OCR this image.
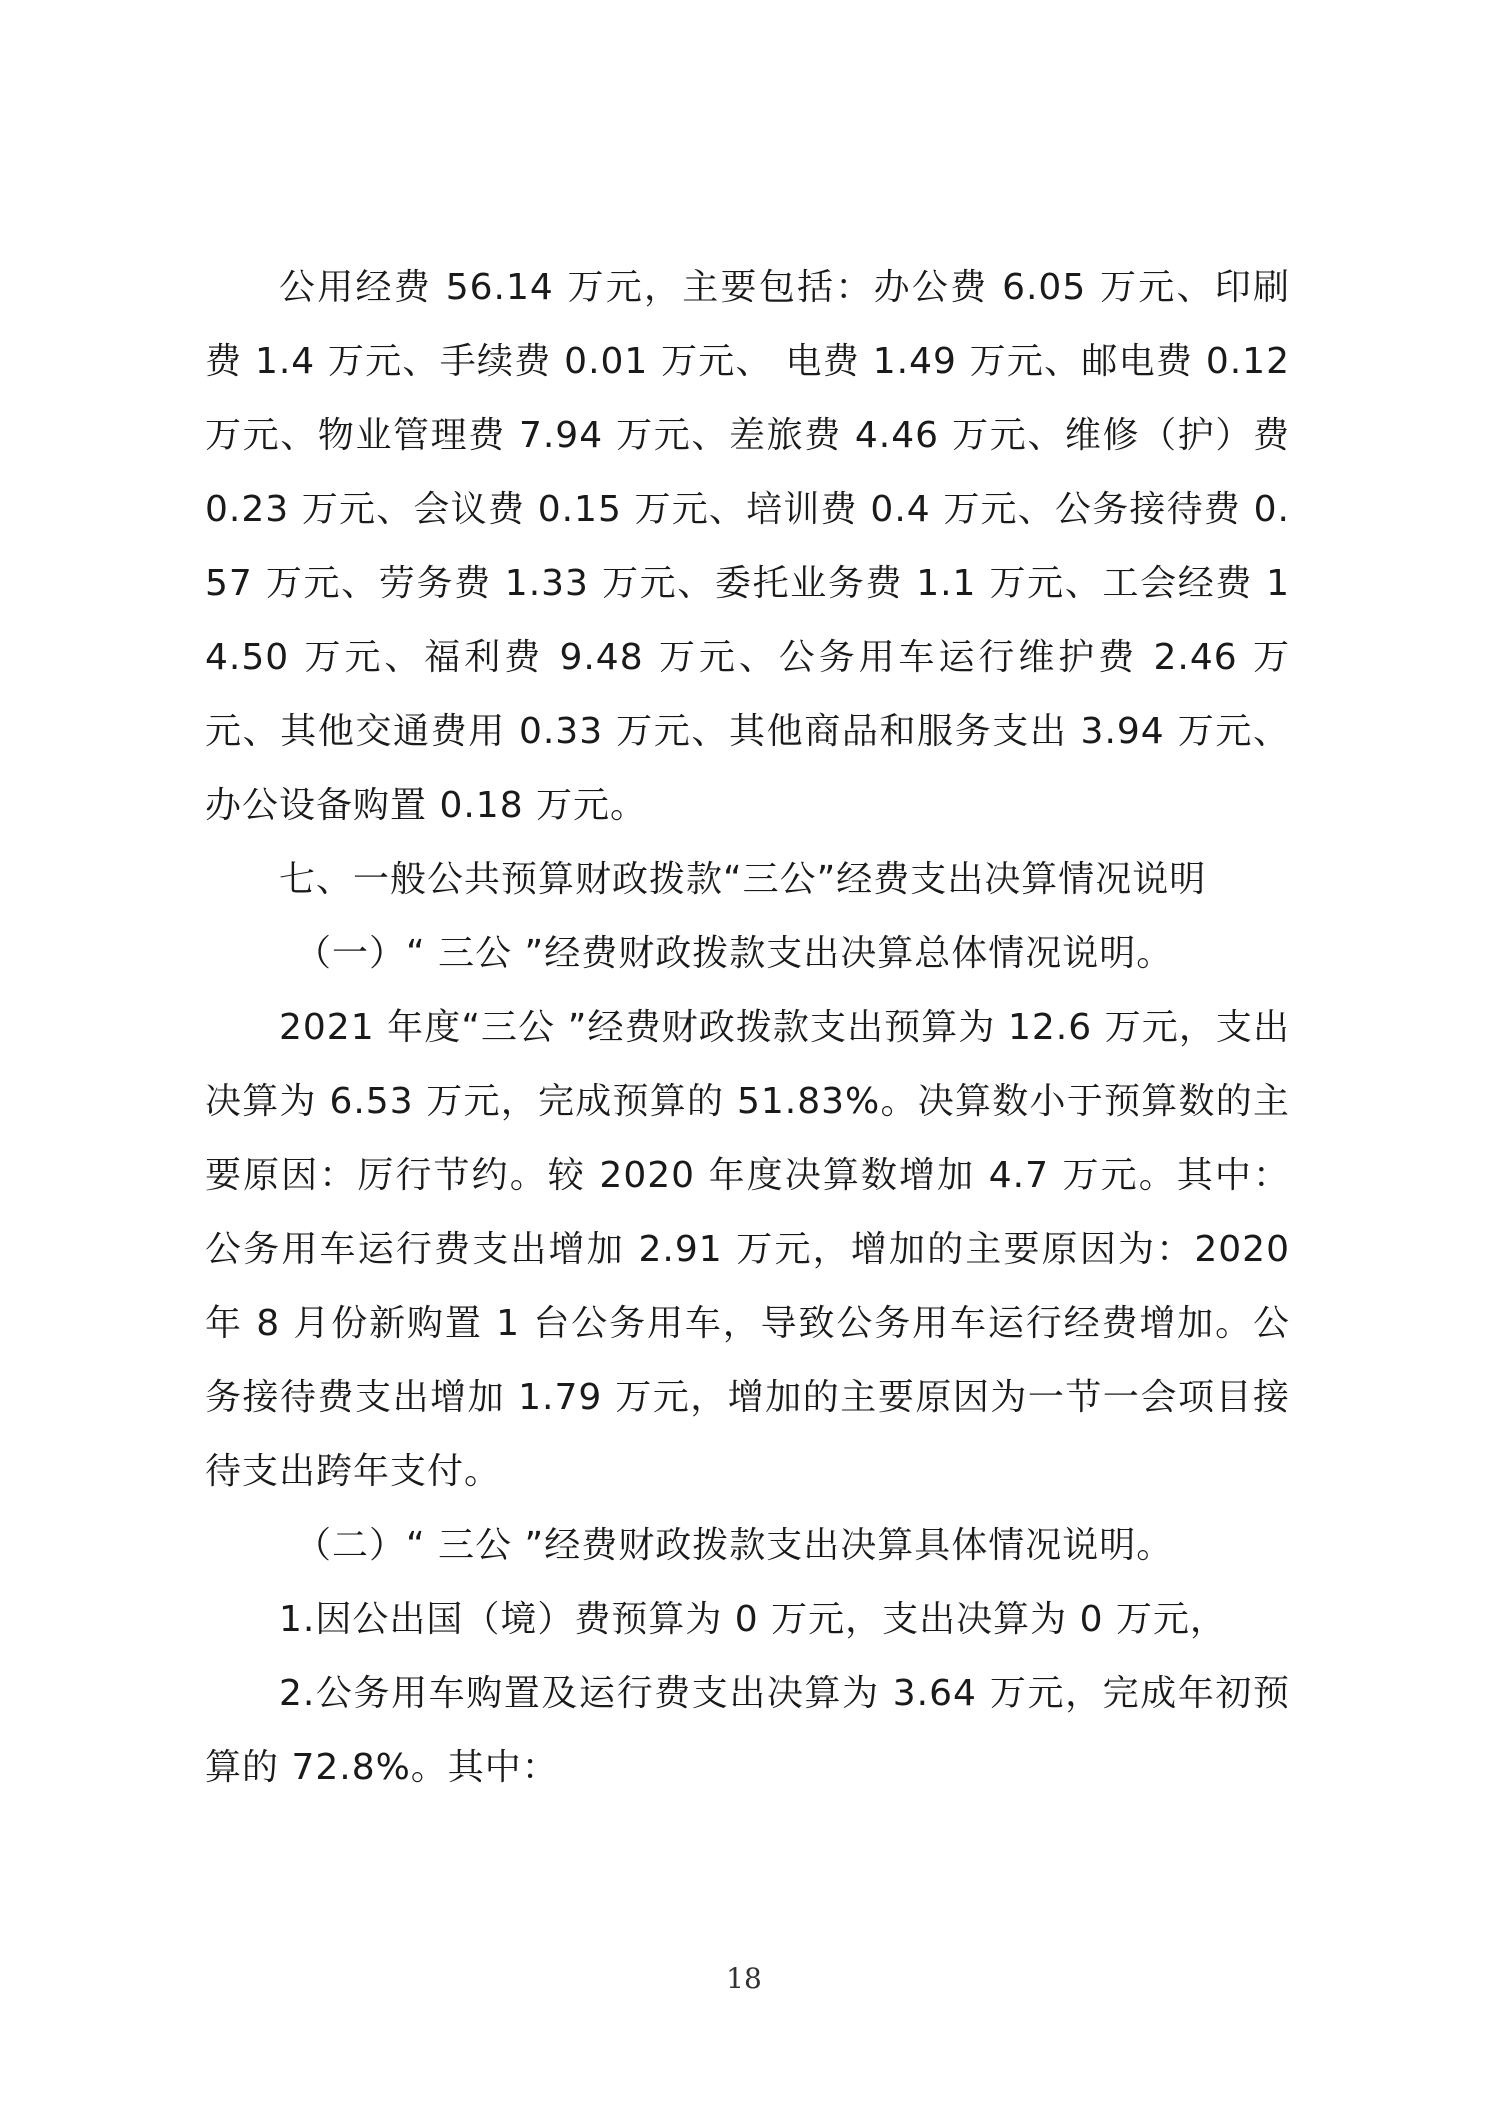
公用经费 56.14 万元，主要包括：办公费 6.05 万元、印刷费 1.4 万元、手续费 0.01 万元、 电费 1.49 万元、邮电费 0.12 万元、物业管理费 7.94 万元、差旅费 4.46 万元、维修（护）费 0.23 万元、会议费 0.15 万元、培训费 0.4 万元、公务接待费 0.57 万元、劳务费 1.33 万元、委托业务费 1.1 万元、工会经费 14.50 万元、福利费 9.48 万元、公务用车运行维护费 2.46 万元、其他交通费用 0.33 万元、其他商品和服务支出 3.94 万元、办公设备购置 0.18 万元。

七、一般公共预算财政拨款“三公”经费支出决算情况说明

（一）“ 三公 ”经费财政拨款支出决算总体情况说明。

2021 年度“三公 ”经费财政拨款支出预算为 12.6 万元，支出决算为 6.53 万元，完成预算的 51.83%。决算数小于预算数的主要原因：厉行节约。较 2020 年度决算数增加 4.7 万元。其中：公务用车运行费支出增加 2.91 万元，增加的主要原因为：2020 年 8 月份新购置 1 台公务用车，导致公务用车运行经费增加。公务接待费支出增加 1.79 万元，增加的主要原因为一节一会项目接待支出跨年支付。

（二）“ 三公 ”经费财政拨款支出决算具体情况说明。

1.因公出国（境）费预算为 0 万元，支出决算为 0 万元，

2.公务用车购置及运行费支出决算为 3.64 万元，完成年初预算的 72.8%。其中：

18
